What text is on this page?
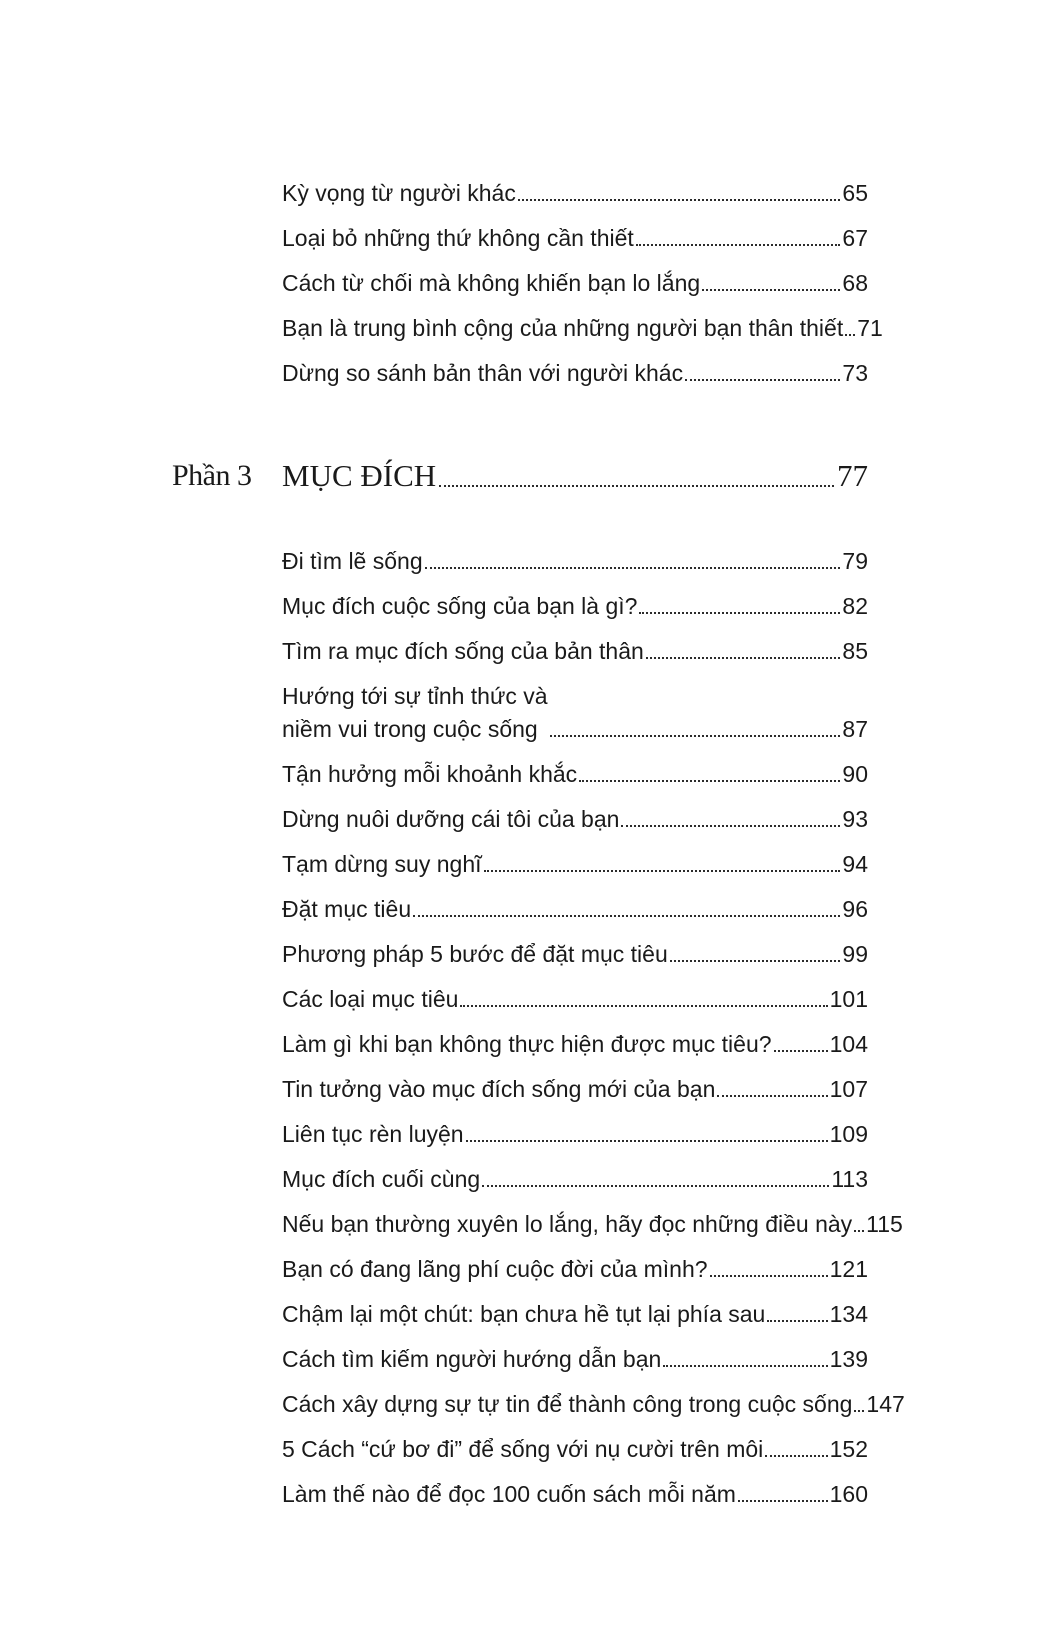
Kỳ vọng từ người khác	65
Loại bỏ những thứ không cần thiết	67
Cách từ chối mà không khiến bạn lo lắng	68
Bạn là trung bình cộng của những người bạn thân thiết 71
Dừng so sánh bản thân với người khác	73
Phần 3 MỤC ĐÍCH	77
Đi tìm lẽ sống	79
Mục đích cuộc sống của bạn là gì?	82
Tìm ra mục đích sống của bản thân	85
Hướng tới sự tỉnh thức và
niềm vui trong cuộc sống	87
Tận hưởng mỗi khoảnh khắc	90
Dừng nuôi dưỡng cái tôi của bạn	93
Tạm dừng suy nghĩ	94
Đặt mục tiêu	96
Phương pháp 5 bước để đặt mục tiêu	99
Các loại mục tiêu	101
Làm gì khi bạn không thực hiện được mục tiêu?	104
Tin tưởng vào mục đích sống mới của bạn	107
Liên tục rèn luyện	109
Mục đích cuối cùng	113
Nếu bạn thường xuyên lo lắng, hãy đọc những điều này 115
Bạn có đang lãng phí cuộc đời của mình?	121
Chậm lại một chút: bạn chưa hề tụt lại phía sau	134
Cách tìm kiếm người hướng dẫn bạn	139
Cách xây dựng sự tự tin để thành công trong cuộc sống 147
5 Cách “cứ bơ đi” để sống với nụ cười trên môi	152
Làm thế nào để đọc 100 cuốn sách mỗi năm	160
